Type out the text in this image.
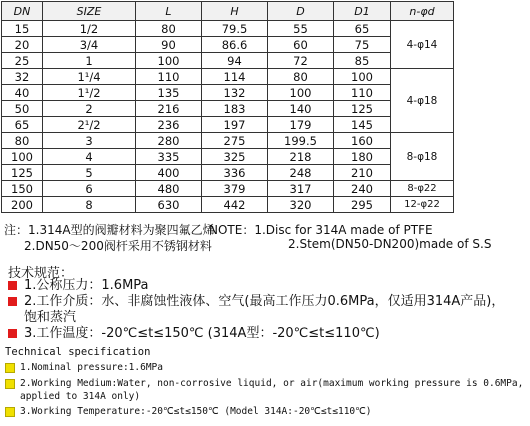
DN	SIZE	L	H	D	D1	n-φd
15	1/2	80	79.5	55	65	4-φ14
20	3/4	90	86.6	60	75	
25	1	100	94	72	85	
32	1¹/4	110	114	80	100	4-φ18
40	1¹/2	135	132	100	110	
50	2	216	183	140	125	
65	2¹/2	236	197	179	145	
80	3	280	275	199.5	160	8-φ18
100	4	335	325	218	180	
125	5	400	336	248	210	
150	6	480	379	317	240	8-φ22
200	8	630	442	320	295	12-φ22
注：1.314A型的阀瓣材料为聚四氟乙烯
NOTE：1.Disc for 314A made of PTFE
2.DN50～200阀杆采用不锈钢材料	2.Stem(DN50-DN200)made of S.S
技术规范：
1.公称压力：1.6MPa
2.工作介质：水、非腐蚀性液体、空气(最高工作压力0.6MPa，仅适用314A产品)，
饱和蒸汽
3.工作温度：-20℃≤t≤150℃ (314A型：-20℃≤t≤110℃)
Technical specification
1.Nominal pressure:1.6MPa
2.Working Medium:Water, non-corrosive liquid, or air(maximum working pressure is 0.6MPa,
applied to 314A only)
3.Working Temperature:-20℃≤t≤150℃ (Model 314A:-20℃≤t≤110℃)
